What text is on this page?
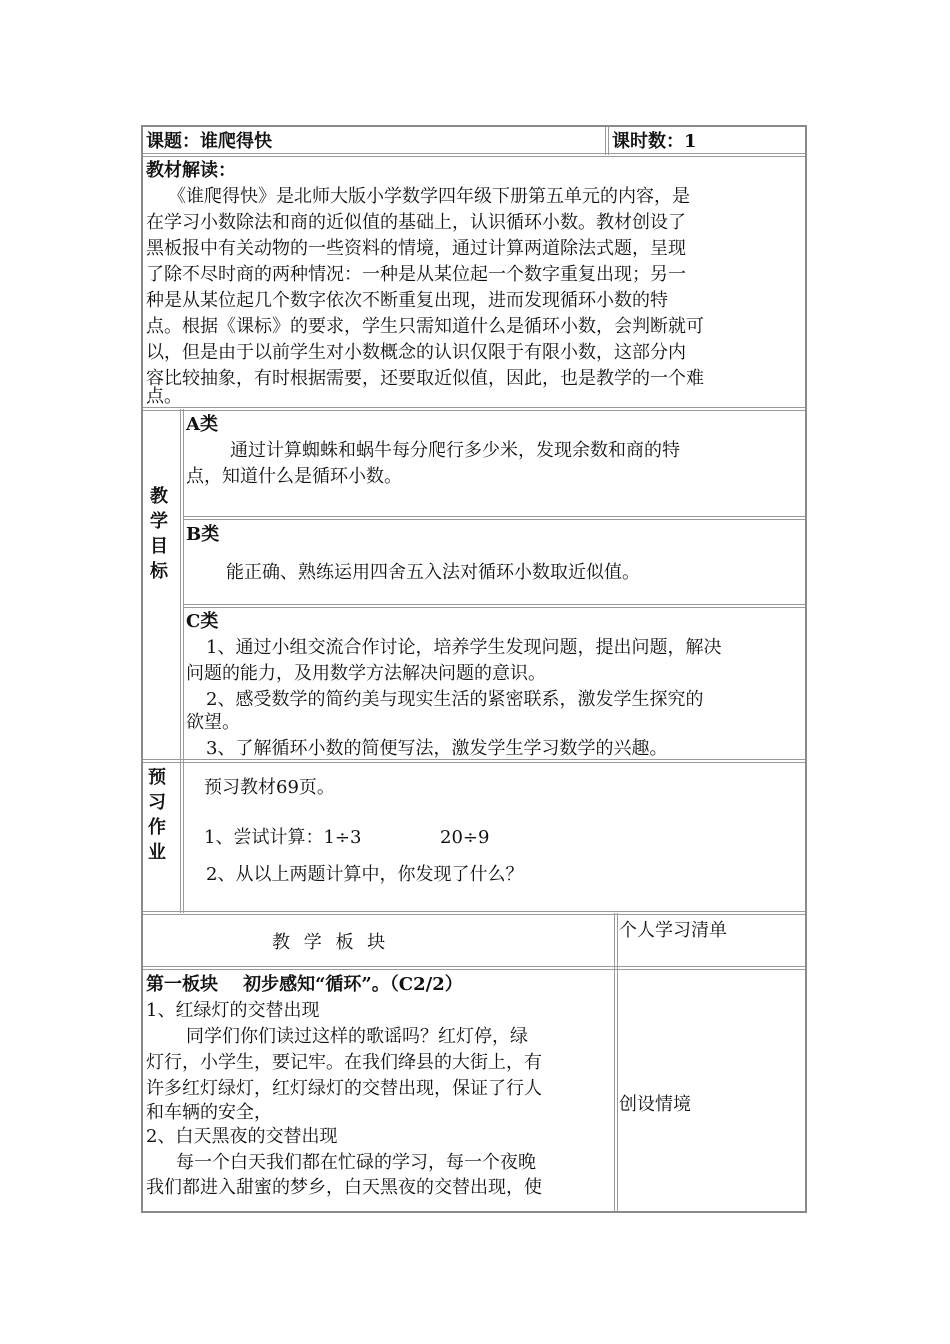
课题：谁爬得快	课时数：1
教材解读：
《谁爬得快》是北师大版小学数学四年级下册第五单元的内容，是
在学习小数除法和商的近似值的基础上，认识循环小数。教材创设了
黑板报中有关动物的一些资料的情境，通过计算两道除法式题，呈现
了除不尽时商的两种情况：一种是从某位起一个数字重复出现；另一
种是从某位起几个数字依次不断重复出现，进而发现循环小数的特
点。根据《课标》的要求，学生只需知道什么是循环小数，会判断就可
以，但是由于以前学生对小数概念的认识仅限于有限小数，这部分内
容比较抽象，有时根据需要，还要取近似值，因此，也是教学的一个难
点。
教
学
目
标
A类
通过计算蜘蛛和蜗牛每分爬行多少米，发现余数和商的特
点，知道什么是循环小数。
B类
能正确、熟练运用四舍五入法对循环小数取近似值。
C类
1、通过小组交流合作讨论，培养学生发现问题，提出问题，解决
问题的能力，及用数学方法解决问题的意识。
2、感受数学的简约美与现实生活的紧密联系，激发学生探究的
欲望。
3、了解循环小数的简便写法，激发学生学习数学的兴趣。
预
习
作
业
预习教材69页。
1、尝试计算：1÷3	20÷9
2、从以上两题计算中，你发现了什么？
教 学 板 块
个人学习清单
第一板块    初步感知“循环”。（C2/2）
1、红绿灯的交替出现
同学们你们读过这样的歌谣吗？红灯停，绿
灯行，小学生，要记牢。在我们绛县的大街上，有
许多红灯绿灯，红灯绿灯的交替出现，保证了行人
和车辆的安全，
2、白天黑夜的交替出现
每一个白天我们都在忙碌的学习，每一个夜晚
我们都进入甜蜜的梦乡，白天黑夜的交替出现，使
创设情境
